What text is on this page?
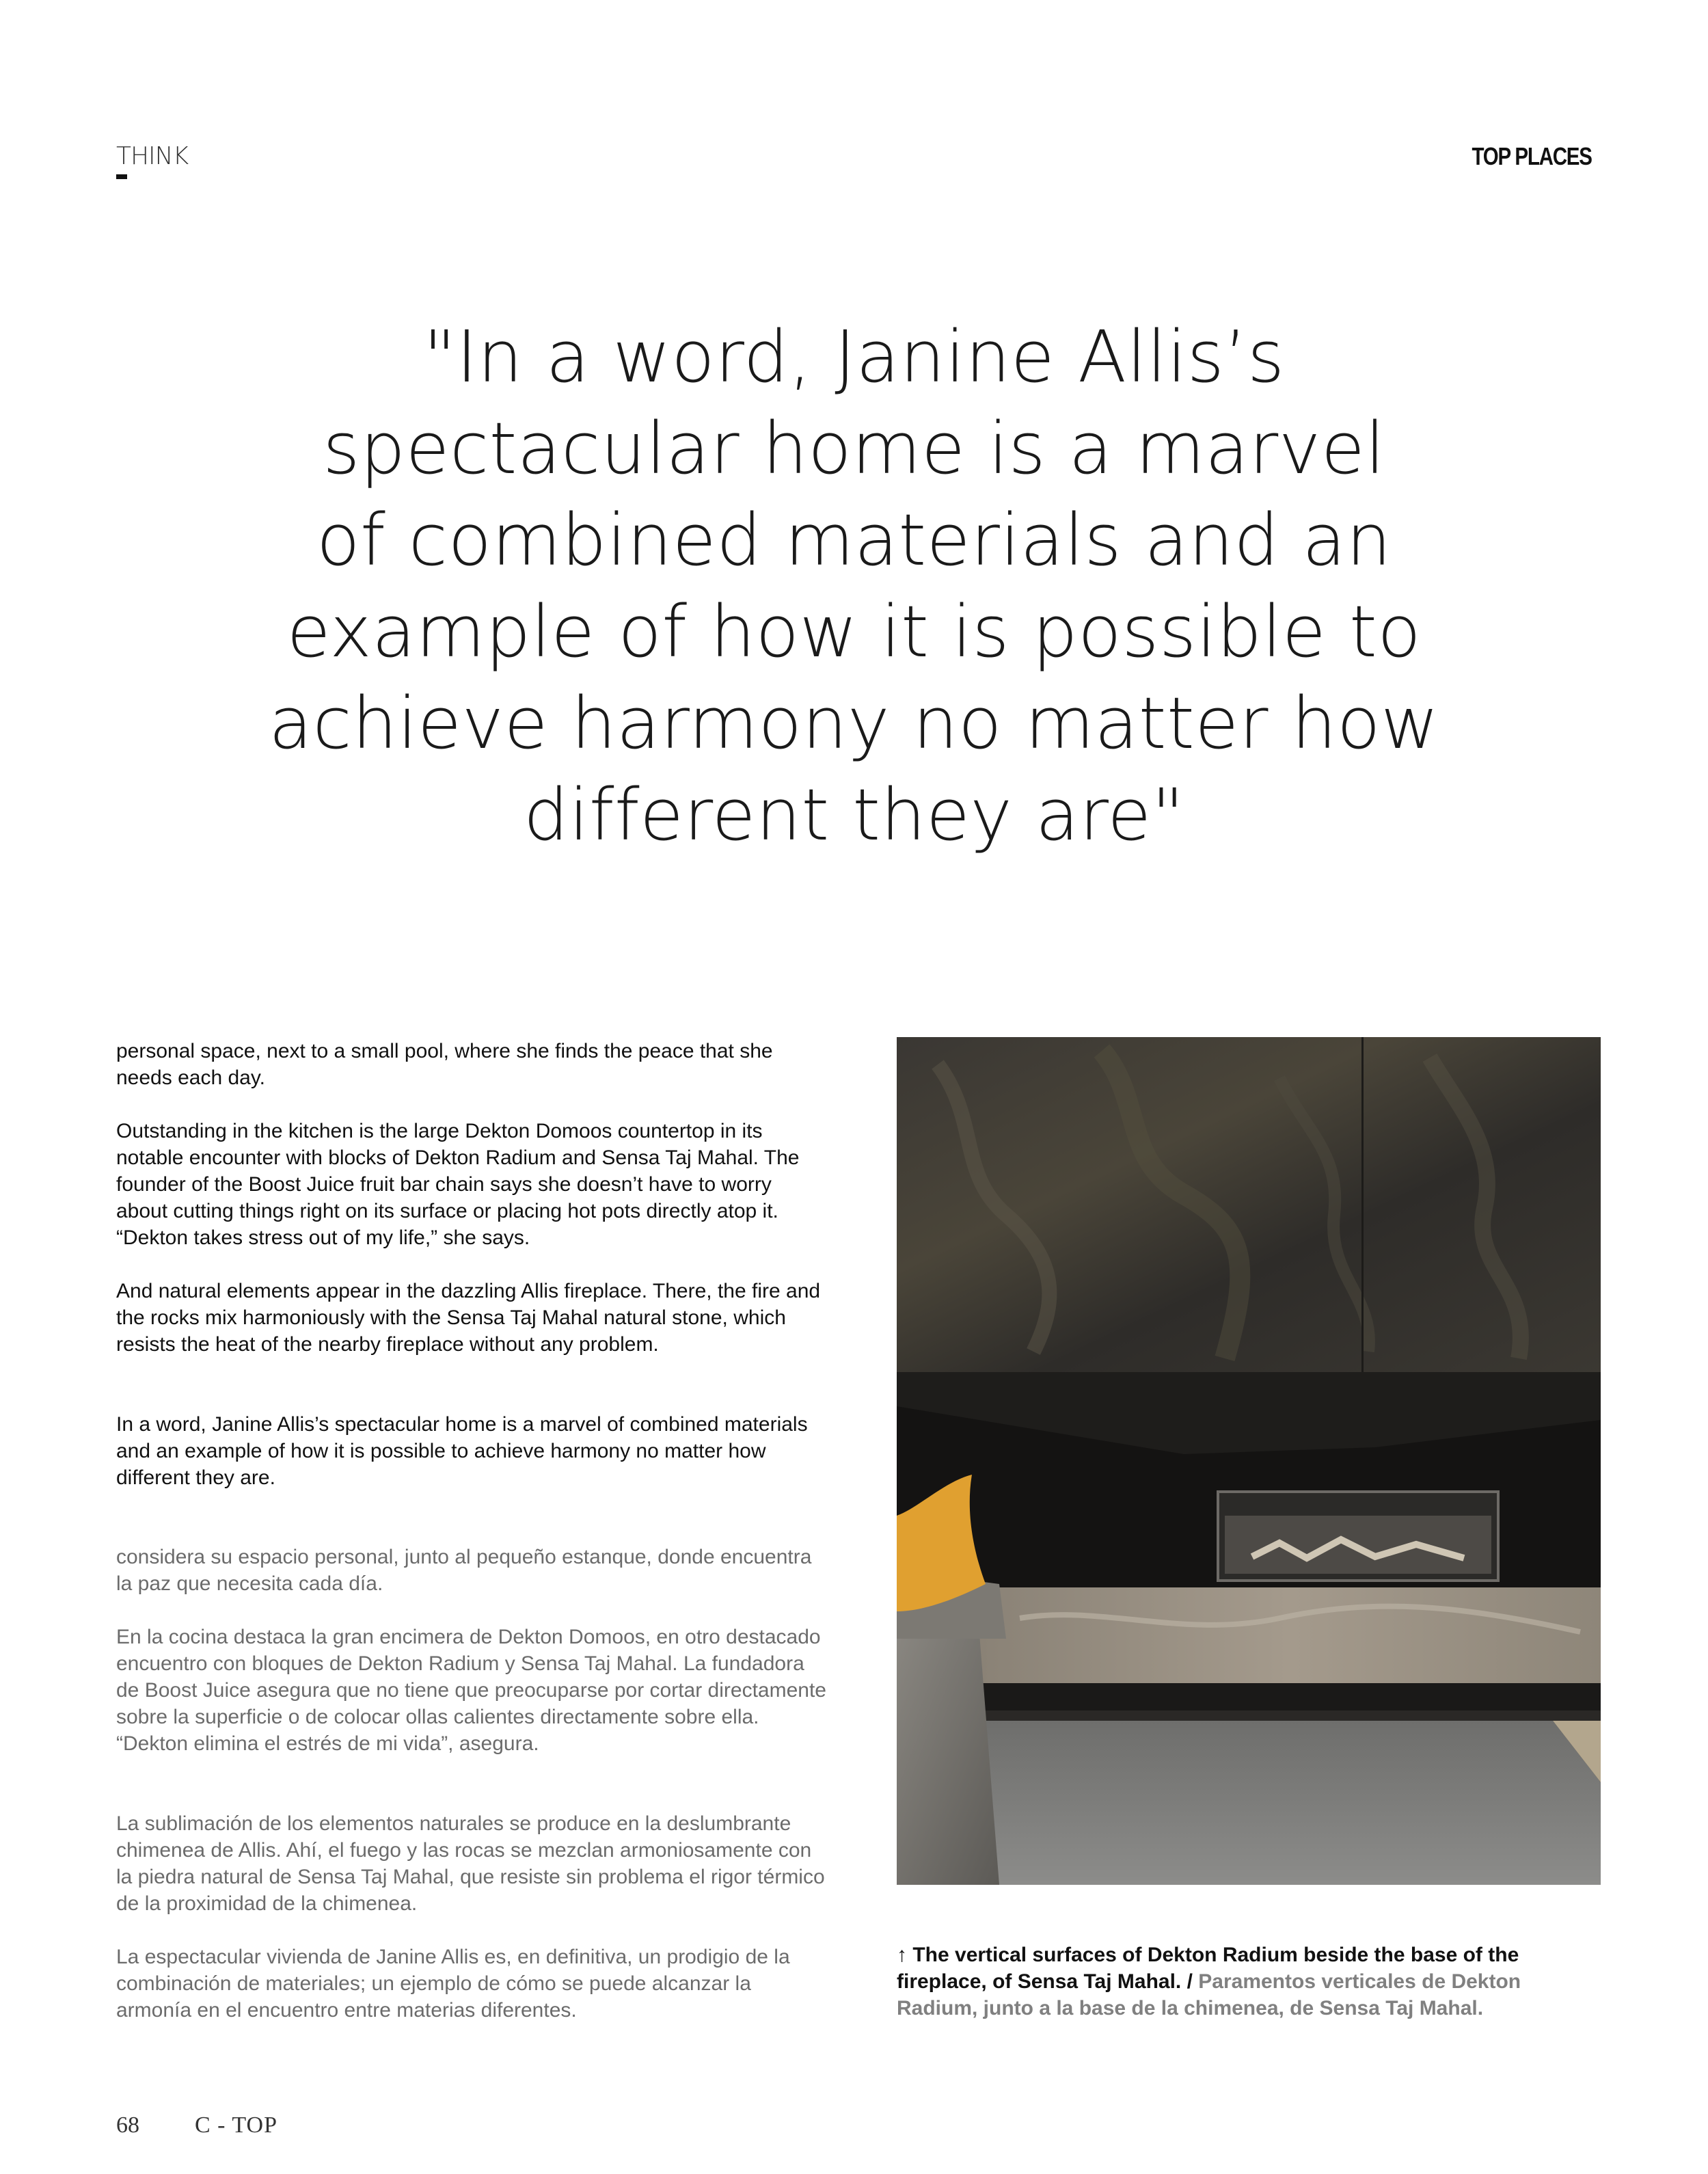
THINK	TOP PLACES
"In a word, Janine Allis’s
spectacular home is a marvel
of combined materials and an
example of how it is possible to
achieve harmony no matter how
different they are"

personal space, next to a small pool, where she finds the peace that she needs each day.

Outstanding in the kitchen is the large Dekton Domoos countertop in its notable encounter with blocks of Dekton Radium and Sensa Taj Mahal. The founder of the Boost Juice fruit bar chain says she doesn’t have to worry about cutting things right on its surface or placing hot pots directly atop it. “Dekton takes stress out of my life,” she says.

And natural elements appear in the dazzling Allis fireplace. There, the fire and the rocks mix harmoniously with the Sensa Taj Mahal natural stone, which resists the heat of the nearby fireplace without any problem.

In a word, Janine Allis’s spectacular home is a marvel of combined materials and an example of how it is possible to achieve harmony no matter how different they are.

considera su espacio personal, junto al pequeño estanque, donde encuentra la paz que necesita cada día.

En la cocina destaca la gran encimera de Dekton Domoos, en otro destacado encuentro con bloques de Dekton Radium y Sensa Taj Mahal. La fundadora de Boost Juice asegura que no tiene que preocuparse por cortar directamente sobre la superficie o de colocar ollas calientes directamente sobre ella. “Dekton elimina el estrés de mi vida”, asegura.

La sublimación de los elementos naturales se produce en la deslumbrante chimenea de Allis. Ahí, el fuego y las rocas se mezclan armoniosamente con la piedra natural de Sensa Taj Mahal, que resiste sin problema el rigor térmico de la proximidad de la chimenea.

La espectacular vivienda de Janine Allis es, en definitiva, un prodigio de la combinación de materiales; un ejemplo de cómo se puede alcanzar la armonía en el encuentro entre materias diferentes.

↑ The vertical surfaces of Dekton Radium beside the base of the fireplace, of Sensa Taj Mahal. / Paramentos verticales de Dekton Radium, junto a la base de la chimenea, de Sensa Taj Mahal.

68 C - TOP
